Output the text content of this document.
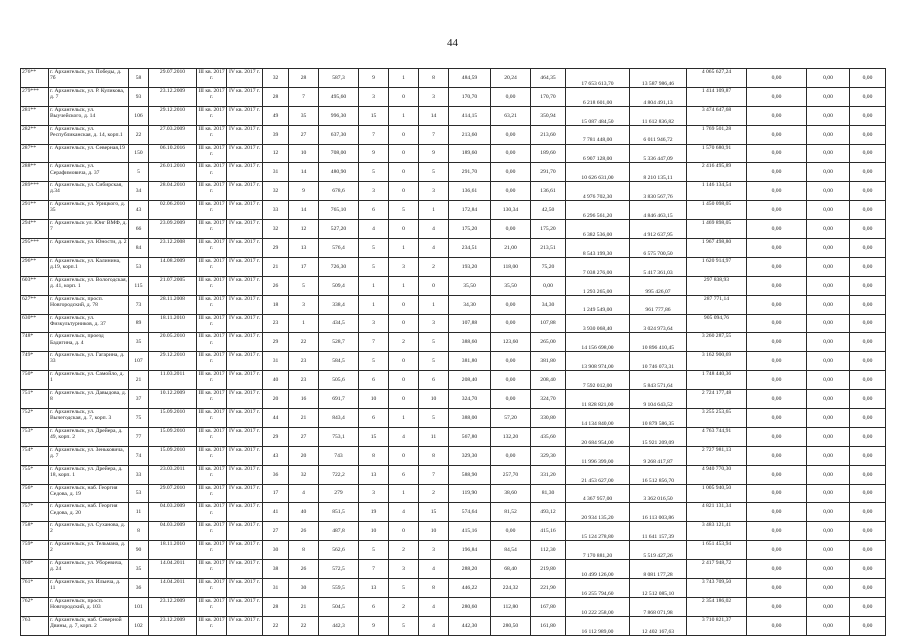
44
276**	г. Архангельск, ул. Победы, д. 7б	58	29.07.2010	III кв. 2017 г.	IV кв. 2017 г.	32	28	587,3	9	1	8	484,59	20,24	464,35	17 653 613,70	13 587 986,46	4 065 627,24	0,00	0,00	0,00
279***	г. Архангельск, ул. Р. Куликова, д. 7	93	23.12.2009	III кв. 2017 г.	IV кв. 2017 г.	28	7	495,60	3	0	3	170,70	0,00	170,70	6 218 601,00	4 804 491,13	1 414 109,87	0,00	0,00	0,00
281**	г. Архангельск, ул. Выучейского, д. 14	106	29.12.2010	III кв. 2017 г.	IV кв. 2017 г.	49	35	996,30	15	1	14	414,15	63,21	350,94	15 087 484,50	11 612 836,82	3 474 647,68	0,00	0,00	0,00
282**	г. Архангельск, ул. Республиканская, д. 14, корп.1	22	27.03.2009	III кв. 2017 г.	IV кв. 2017 г.	39	27	637,30	7	0	7	213,60	0,00	213,60	7 781 448,00	6 011 946,72	1 769 501,28	0,00	0,00	0,00
287**	г. Архангельск, ул. Северная,19	150	06.10.2016	III кв. 2017 г.	IV кв. 2017 г.	12	10	708,00	9	0	9	189,60	0,00	189,60	6 907 128,00	5 336 447,09	1 570 680,91	0,00	0,00	0,00
288**	г. Архангельск, ул. Серафимовича, д. 37	5	26.01.2010	III кв. 2017 г.	IV кв. 2017 г.	31	14	480,90	5	0	5	291,70	0,00	291,70	10 626 631,00	8 210 135,11	2 416 495,89	0,00	0,00	0,00
289***	г. Архангельск, ул. Сибирская, д.34	34	28.04.2010	III кв. 2017 г.	IV кв. 2017 г.	32	9	678,6	3	0	3	136,61	0,00	136,61	4 976 702,30	3 830 567,76	1 146 134,54	0,00	0,00	0,00
291**	г. Архангельск, ул. Урицкого, д. 35	43	02.06.2010	III кв. 2017 г.	IV кв. 2017 г.	33	14	765,10	6	5	1	172,84	130,34	42,50	6 296 561,20	4 846 463,15	1 450 098,05	0,00	0,00	0,00
294**	г. Архангельск ул. Юнг ВМФ, д. 7	66	23.09.2009	III кв. 2017 г.	IV кв. 2017 г.	32	12	527,20	4	0	4	175,20	0,00	175,20	6 382 536,00	4 912 637,95	1 469 898,05	0,00	0,00	0,00
295***	г. Архангельск, ул. Юности, д. 2	84	23.12.2008	III кв. 2017 г.	IV кв. 2017 г.	29	13	576,4	5	1	4	234,51	21,00	213,51	8 543 199,30	6 575 700,50	1 967 498,80	0,00	0,00	0,00
296**	г. Архангельск, ул. Калинина, д.19, корп.1	53	14.08.2009	III кв. 2017 г.	IV кв. 2017 г.	21	17	726,30	5	3	2	193,20	118,00	75,20	7 038 276,00	5 417 361,03	1 620 914,97	0,00	0,00	0,00
603**	г. Архангельск, ул. Вологодская, д. 41, корп. 1	115	21.07.2005	III кв. 2017 г.	IV кв. 2017 г.	26	5	509,4	1	1	0	35,50	35,50	0,00	1 293 265,00	995 426,07	297 838,93	0,00	0,00	0,00
627**	г. Архангельск, просп. Новгородский, д. 78	73	28.11.2008	III кв. 2017 г.	IV кв. 2017 г.	18	3	338,4	1	0	1	34,30	0,00	34,30	1 249 549,00	961 777,86	287 771,14	0,00	0,00	0,00
630**	г. Архангельск, ул. Физкультурников, д. 37	89	18.11.2010	III кв. 2017 г.	IV кв. 2017 г.	23	1	434,5	3	0	3	107,88	0,00	107,88	3 930 068,40	3 024 973,64	905 094,76	0,00	0,00	0,00
748*	г. Архангельск, проезд Бадигина, д. 4	35	20.05.2010	III кв. 2017 г.	IV кв. 2017 г.	29	22	528,7	7	2	5	388,60	123,60	265,00	14 156 698,00	10 896 410,45	3 260 287,55	0,00	0,00	0,00
749*	г. Архангельск, ул. Гагарина, д. 33	107	29.12.2010	III кв. 2017 г.	IV кв. 2017 г.	31	23	584,5	5	0	5	381,80	0,00	381,80	13 908 974,00	10 746 073,31	3 162 900,69	0,00	0,00	0,00
750*	г. Архангельск, ул. Самойло, д. 1	21	11.03.2011	III кв. 2017 г.	IV кв. 2017 г.	40	23	505,6	6	0	6	208,40	0,00	208,40	7 592 012,00	5 843 571,64	1 748 440,36	0,00	0,00	0,00
751*	г. Архангельск, ул. Давыдова, д. 8	37	10.12.2009	III кв. 2017 г.	IV кв. 2017 г.	20	16	691,7	10	0	10	324,70	0,00	324,70	11 828 821,00	9 104 643,52	2 724 177,48	0,00	0,00	0,00
752*	г. Архангельск, ул. Вычегодская, д. 7, корп. 3	75	15.09.2010	III кв. 2017 г.	IV кв. 2017 г.	44	21	843,4	6	1	5	388,00	57,20	330,80	14 134 840,00	10 879 586,35	3 255 253,65	0,00	0,00	0,00
753*	г. Архангельск, ул. Дрейера, д. 49, корп. 2	77	15.09.2010	III кв. 2017 г.	IV кв. 2017 г.	29	27	753,1	15	4	11	567,80	132,20	435,60	20 684 954,00	15 921 209,09	4 763 744,91	0,00	0,00	0,00
754*	г. Архангельск, ул. Зеньковича, д. 7	74	15.09.2010	III кв. 2017 г.	IV кв. 2017 г.	43	20	743	8	0	8	329,30	0,00	329,30	11 996 399,00	9 268 417,87	2 727 981,13	0,00	0,00	0,00
755*	г. Архангельск, ул. Дрейера, д. 18, корп. 1	33	23.03.2011	III кв. 2017 г.	IV кв. 2017 г.	36	32	722,2	13	6	7	588,90	257,70	331,20	21 453 627,00	16 512 856,70	4 940 770,30	0,00	0,00	0,00
756*	г. Архангельск, наб. Георгия Седова, д. 19	53	29.07.2010	III кв. 2017 г.	IV кв. 2017 г.	17	4	279	3	1	2	119,90	38,60	81,30	4 367 957,00	3 362 016,50	1 005 940,50	0,00	0,00	0,00
757*	г. Архангельск, наб. Георгия Седова, д. 20	11	04.03.2009	III кв. 2017 г.	IV кв. 2017 г.	41	40	851,5	19	4	15	574,64	81,52	493,12	20 934 135,20	16 113 003,86	4 821 131,34	0,00	0,00	0,00
758*	г. Архангельск, ул. Суханова, д. 2	8	04.03.2009	III кв. 2017 г.	IV кв. 2017 г.	27	26	487,8	10	0	10	415,16	0,00	415,16	15 124 278,80	11 641 157,39	3 483 121,41	0,00	0,00	0,00
759*	г. Архангельск, ул. Тельмана, д. 2	90	18.11.2010	III кв. 2017 г.	IV кв. 2017 г.	30	8	562,6	5	2	3	196,84	84,54	112,30	7 170 881,20	5 519 427,26	1 651 453,94	0,00	0,00	0,00
760*	г. Архангельск, ул. Уборевича, д. 24	35	14.04.2011	III кв. 2017 г.	IV кв. 2017 г.	38	26	572,5	7	3	4	288,20	68,40	219,80	10 499 126,00	8 081 177,28	2 417 948,72	0,00	0,00	0,00
761*	г. Архангельск, ул. Ильича, д. 11	36	14.04.2011	III кв. 2017 г.	IV кв. 2017 г.	31	30	559,5	13	5	8	446,22	224,32	221,90	16 255 794,60	12 512 085,10	3 743 709,50	0,00	0,00	0,00
762*	г. Архангельск, просп. Новгородский, д. 103	101	23.12.2009	III кв. 2017 г.	IV кв. 2017 г.	28	21	504,5	6	2	4	280,60	112,80	167,80	10 222 258,00	7 868 071,98	2 354 186,02	0,00	0,00	0,00
763	г. Архангельск, наб. Северной Двины, д. 7, корп. 2	102	23.12.2009	III кв. 2017 г.	IV кв. 2017 г.	22	22	442,3	9	5	4	442,30	280,50	161,80	16 112 989,00	12 402 167,63	3 710 821,37	0,00	0,00	0,00
